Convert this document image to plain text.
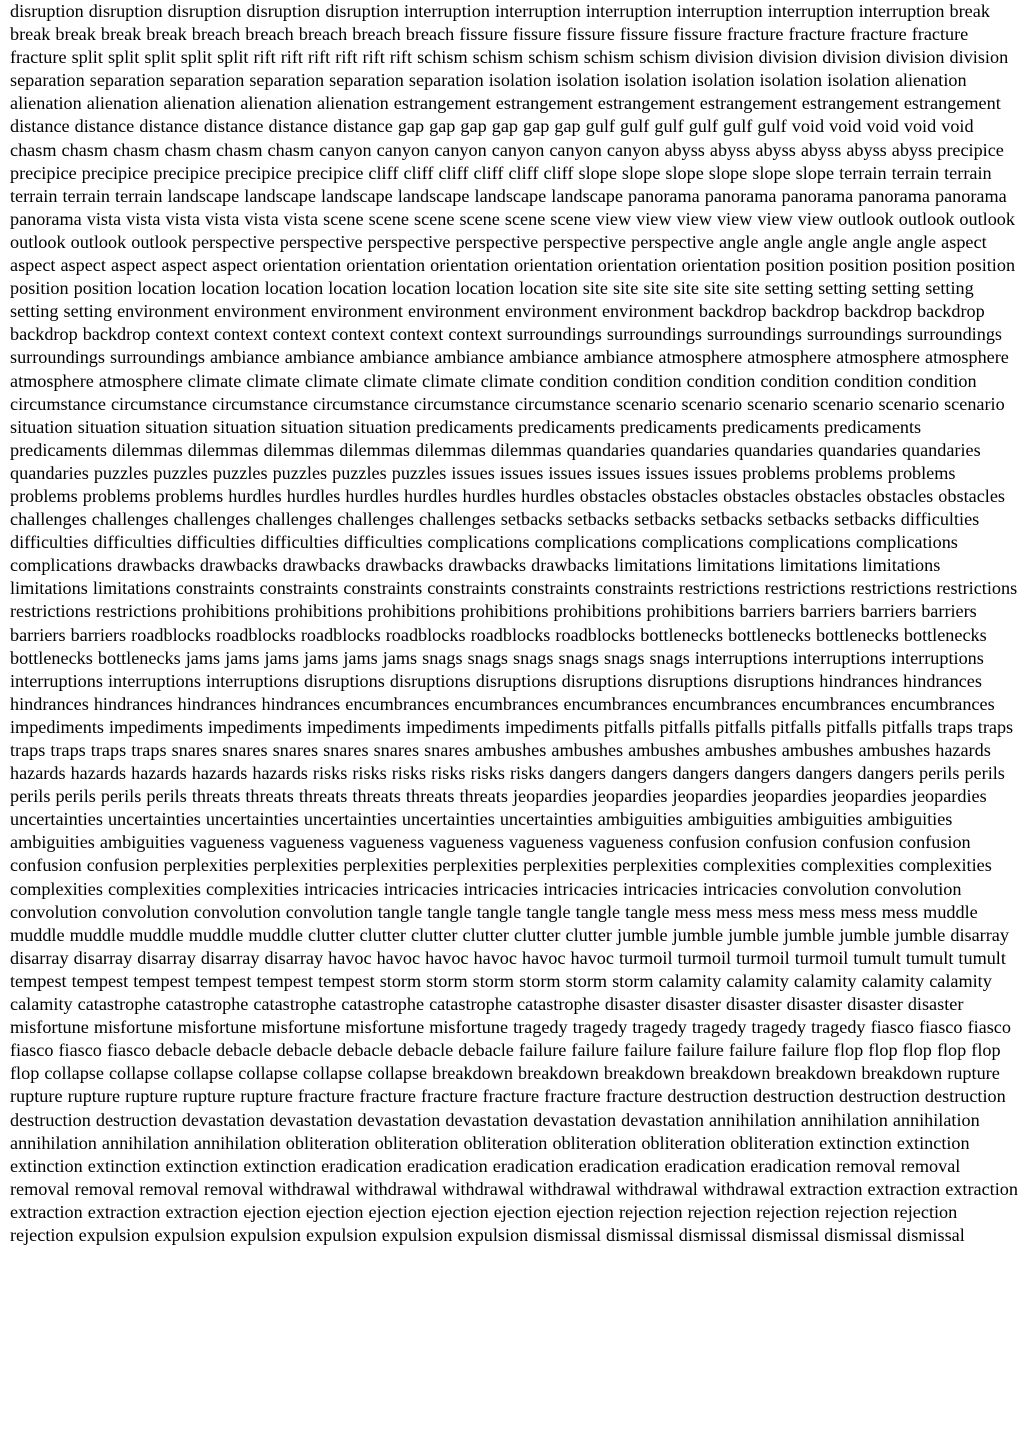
disruption disruption disruption disruption disruption interruption interruption interruption interruption interruption interruption break break break break break breach breach breach breach breach fissure fissure fissure fissure fissure fracture fracture fracture fracture fracture split split split split split rift rift rift rift rift rift schism schism schism schism schism division division division division division separation separation separation separation separation separation isolation isolation isolation isolation isolation isolation alienation alienation alienation alienation alienation alienation estrangement estrangement estrangement estrangement estrangement estrangement distance distance distance distance distance distance gap gap gap gap gap gap gulf gulf gulf gulf gulf gulf void void void void void chasm chasm chasm chasm chasm chasm canyon canyon canyon canyon canyon canyon abyss abyss abyss abyss abyss abyss precipice precipice precipice precipice precipice precipice cliff cliff cliff cliff cliff cliff slope slope slope slope slope slope terrain terrain terrain terrain terrain terrain landscape landscape landscape landscape landscape landscape panorama panorama panorama panorama panorama panorama vista vista vista vista vista vista scene scene scene scene scene scene view view view view view view outlook outlook outlook outlook outlook outlook perspective perspective perspective perspective perspective perspective angle angle angle angle angle aspect aspect aspect aspect aspect aspect orientation orientation orientation orientation orientation orientation position position position position position position location location location location location location location site site site site site site setting setting setting setting setting setting environment environment environment environment environment environment backdrop backdrop backdrop backdrop backdrop backdrop context context context context context context surroundings surroundings surroundings surroundings surroundings surroundings surroundings ambiance ambiance ambiance ambiance ambiance ambiance atmosphere atmosphere atmosphere atmosphere atmosphere atmosphere climate climate climate climate climate climate condition condition condition condition condition condition circumstance circumstance circumstance circumstance circumstance circumstance scenario scenario scenario scenario scenario scenario situation situation situation situation situation situation predicaments predicaments predicaments predicaments predicaments predicaments dilemmas dilemmas dilemmas dilemmas dilemmas dilemmas quandaries quandaries quandaries quandaries quandaries quandaries puzzles puzzles puzzles puzzles puzzles puzzles issues issues issues issues issues issues problems problems problems problems problems problems hurdles hurdles hurdles hurdles hurdles hurdles obstacles obstacles obstacles obstacles obstacles obstacles challenges challenges challenges challenges challenges challenges setbacks setbacks setbacks setbacks setbacks setbacks difficulties difficulties difficulties difficulties difficulties difficulties complications complications complications complications complications complications drawbacks drawbacks drawbacks drawbacks drawbacks drawbacks limitations limitations limitations limitations limitations limitations constraints constraints constraints constraints constraints constraints restrictions restrictions restrictions restrictions restrictions restrictions prohibitions prohibitions prohibitions prohibitions prohibitions prohibitions barriers barriers barriers barriers barriers barriers roadblocks roadblocks roadblocks roadblocks roadblocks roadblocks bottlenecks bottlenecks bottlenecks bottlenecks bottlenecks bottlenecks jams jams jams jams jams jams snags snags snags snags snags snags interruptions interruptions interruptions interruptions interruptions interruptions disruptions disruptions disruptions disruptions disruptions disruptions hindrances hindrances hindrances hindrances hindrances hindrances encumbrances encumbrances encumbrances encumbrances encumbrances encumbrances impediments impediments impediments impediments impediments impediments pitfalls pitfalls pitfalls pitfalls pitfalls pitfalls traps traps traps traps traps traps snares snares snares snares snares snares ambushes ambushes ambushes ambushes ambushes ambushes hazards hazards hazards hazards hazards hazards risks risks risks risks risks risks dangers dangers dangers dangers dangers dangers perils perils perils perils perils perils threats threats threats threats threats threats jeopardies jeopardies jeopardies jeopardies jeopardies jeopardies uncertainties uncertainties uncertainties uncertainties uncertainties uncertainties ambiguities ambiguities ambiguities ambiguities ambiguities ambiguities vagueness vagueness vagueness vagueness vagueness vagueness confusion confusion confusion confusion confusion confusion perplexities perplexities perplexities perplexities perplexities perplexities complexities complexities complexities complexities complexities complexities intricacies intricacies intricacies intricacies intricacies intricacies convolution convolution convolution convolution convolution convolution tangle tangle tangle tangle tangle tangle mess mess mess mess mess mess muddle muddle muddle muddle muddle muddle clutter clutter clutter clutter clutter clutter jumble jumble jumble jumble jumble jumble disarray disarray disarray disarray disarray disarray havoc havoc havoc havoc havoc havoc turmoil turmoil turmoil turmoil tumult tumult tumult tempest tempest tempest tempest tempest tempest storm storm storm storm storm storm calamity calamity calamity calamity calamity calamity catastrophe catastrophe catastrophe catastrophe catastrophe catastrophe disaster disaster disaster disaster disaster disaster misfortune misfortune misfortune misfortune misfortune misfortune tragedy tragedy tragedy tragedy tragedy tragedy fiasco fiasco fiasco fiasco fiasco fiasco debacle debacle debacle debacle debacle debacle failure failure failure failure failure failure flop flop flop flop flop flop collapse collapse collapse collapse collapse collapse breakdown breakdown breakdown breakdown breakdown breakdown rupture rupture rupture rupture rupture rupture fracture fracture fracture fracture fracture fracture destruction destruction destruction destruction destruction destruction devastation devastation devastation devastation devastation devastation annihilation annihilation annihilation annihilation annihilation annihilation obliteration obliteration obliteration obliteration obliteration obliteration extinction extinction extinction extinction extinction extinction eradication eradication eradication eradication eradication eradication removal removal removal removal removal removal withdrawal withdrawal withdrawal withdrawal withdrawal withdrawal extraction extraction extraction extraction extraction extraction ejection ejection ejection ejection ejection ejection rejection rejection rejection rejection rejection rejection expulsion expulsion expulsion expulsion expulsion expulsion dismissal dismissal dismissal dismissal dismissal dismissal
